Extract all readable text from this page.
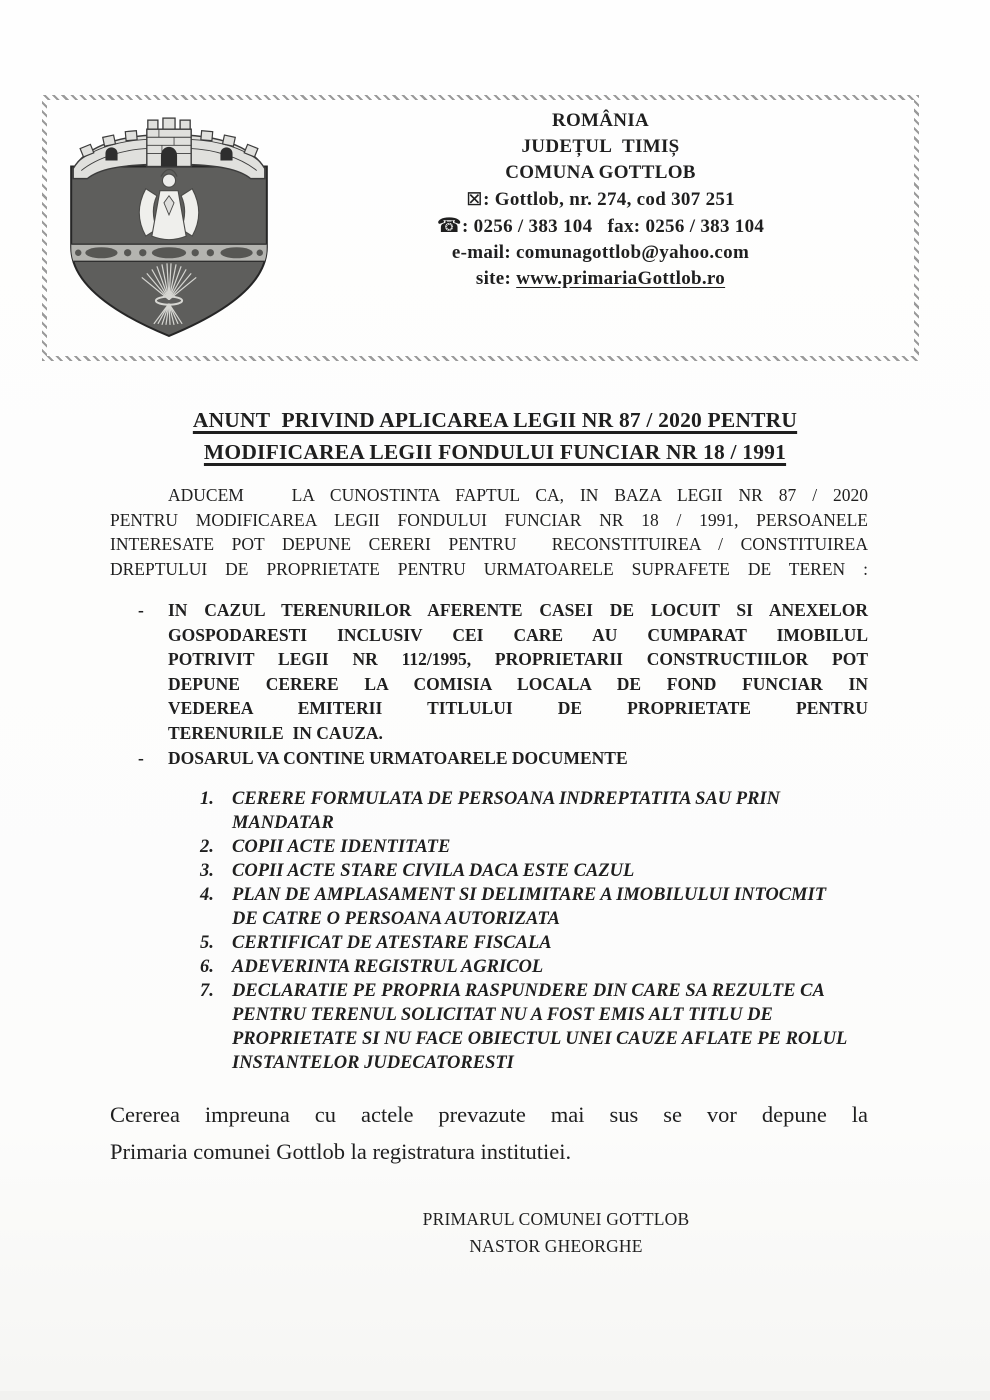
ROMÂNIA
JUDEȚUL  TIMIȘ
COMUNA GOTTLOB
⊠: Gottlob, nr. 274, cod 307 251
☎: 0256 / 383 104   fax: 0256 / 383 104
e-mail: comunagottlob@yahoo.com
site: www.primariaGottlob.ro
ANUNT  PRIVIND APLICAREA LEGII NR 87 / 2020 PENTRU
MODIFICAREA LEGII FONDULUI FUNCIAR NR 18 / 1991
ADUCEM   LA CUNOSTINTA FAPTUL CA, IN BAZA LEGII NR 87 / 2020
PENTRU MODIFICAREA LEGII FONDULUI FUNCIAR NR 18 / 1991, PERSOANELE
INTERESATE POT DEPUNE CERERI PENTRU  RECONSTITUIREA / CONSTITUIREA
DREPTULUI DE PROPRIETATE PENTRU URMATOARELE SUPRAFETE DE TEREN :
-	IN CAZUL TERENURILOR AFERENTE CASEI DE LOCUIT SI ANEXELOR
GOSPODARESTI INCLUSIV CEI CARE AU CUMPARAT IMOBILUL
POTRIVIT LEGII NR 112/1995, PROPRIETARII CONSTRUCTIILOR POT
DEPUNE CERERE LA COMISIA LOCALA DE FOND FUNCIAR IN
VEDEREA EMITERII TITLULUI DE PROPRIETATE PENTRU
TERENURILE  IN CAUZA.
-	DOSARUL VA CONTINE URMATOARELE DOCUMENTE
1. CERERE FORMULATA DE PERSOANA INDREPTATITA SAU PRIN MANDATAR
2. COPII ACTE IDENTITATE
3. COPII ACTE STARE CIVILA DACA ESTE CAZUL
4. PLAN DE AMPLASAMENT SI DELIMITARE A IMOBILULUI INTOCMIT DE CATRE O PERSOANA AUTORIZATA
5. CERTIFICAT DE ATESTARE FISCALA
6. ADEVERINTA REGISTRUL AGRICOL
7. DECLARATIE PE PROPRIA RASPUNDERE DIN CARE SA REZULTE CA PENTRU TERENUL SOLICITAT NU A FOST EMIS ALT TITLU DE PROPRIETATE SI NU FACE OBIECTUL UNEI CAUZE AFLATE PE ROLUL INSTANTELOR JUDECATORESTI
Cererea impreuna cu actele prevazute mai sus se vor depune la
Primaria comunei Gottlob la registratura institutiei.
PRIMARUL COMUNEI GOTTLOB
NASTOR GHEORGHE
